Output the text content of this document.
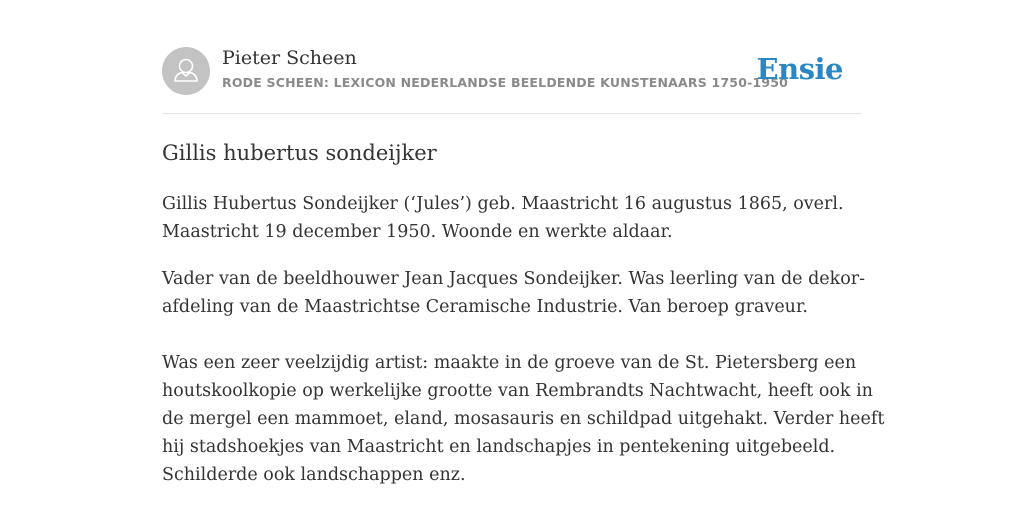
Pieter Scheen
RODE SCHEEN: LEXICON NEDERLANDSE BEELDENDE KUNSTENAARS 1750-1950
Ensie
Gillis hubertus sondeijker

Gillis Hubertus Sondeijker (‘Jules’) geb. Maastricht 16 augustus 1865, overl.
Maastricht 19 december 1950. Woonde en werkte aldaar.

Vader van de beeldhouwer Jean Jacques Sondeijker. Was leerling van de dekor-
afdeling van de Maastrichtse Ceramische Industrie. Van beroep graveur.

Was een zeer veelzijdig artist: maakte in de groeve van de St. Pietersberg een
houtskoolkopie op werkelijke grootte van Rembrandts Nachtwacht, heeft ook in
de mergel een mammoet, eland, mosasauris en schildpad uitgehakt. Verder heeft
hij stadshoekjes van Maastricht en landschapjes in pentekening uitgebeeld.
Schilderde ook landschappen enz.
